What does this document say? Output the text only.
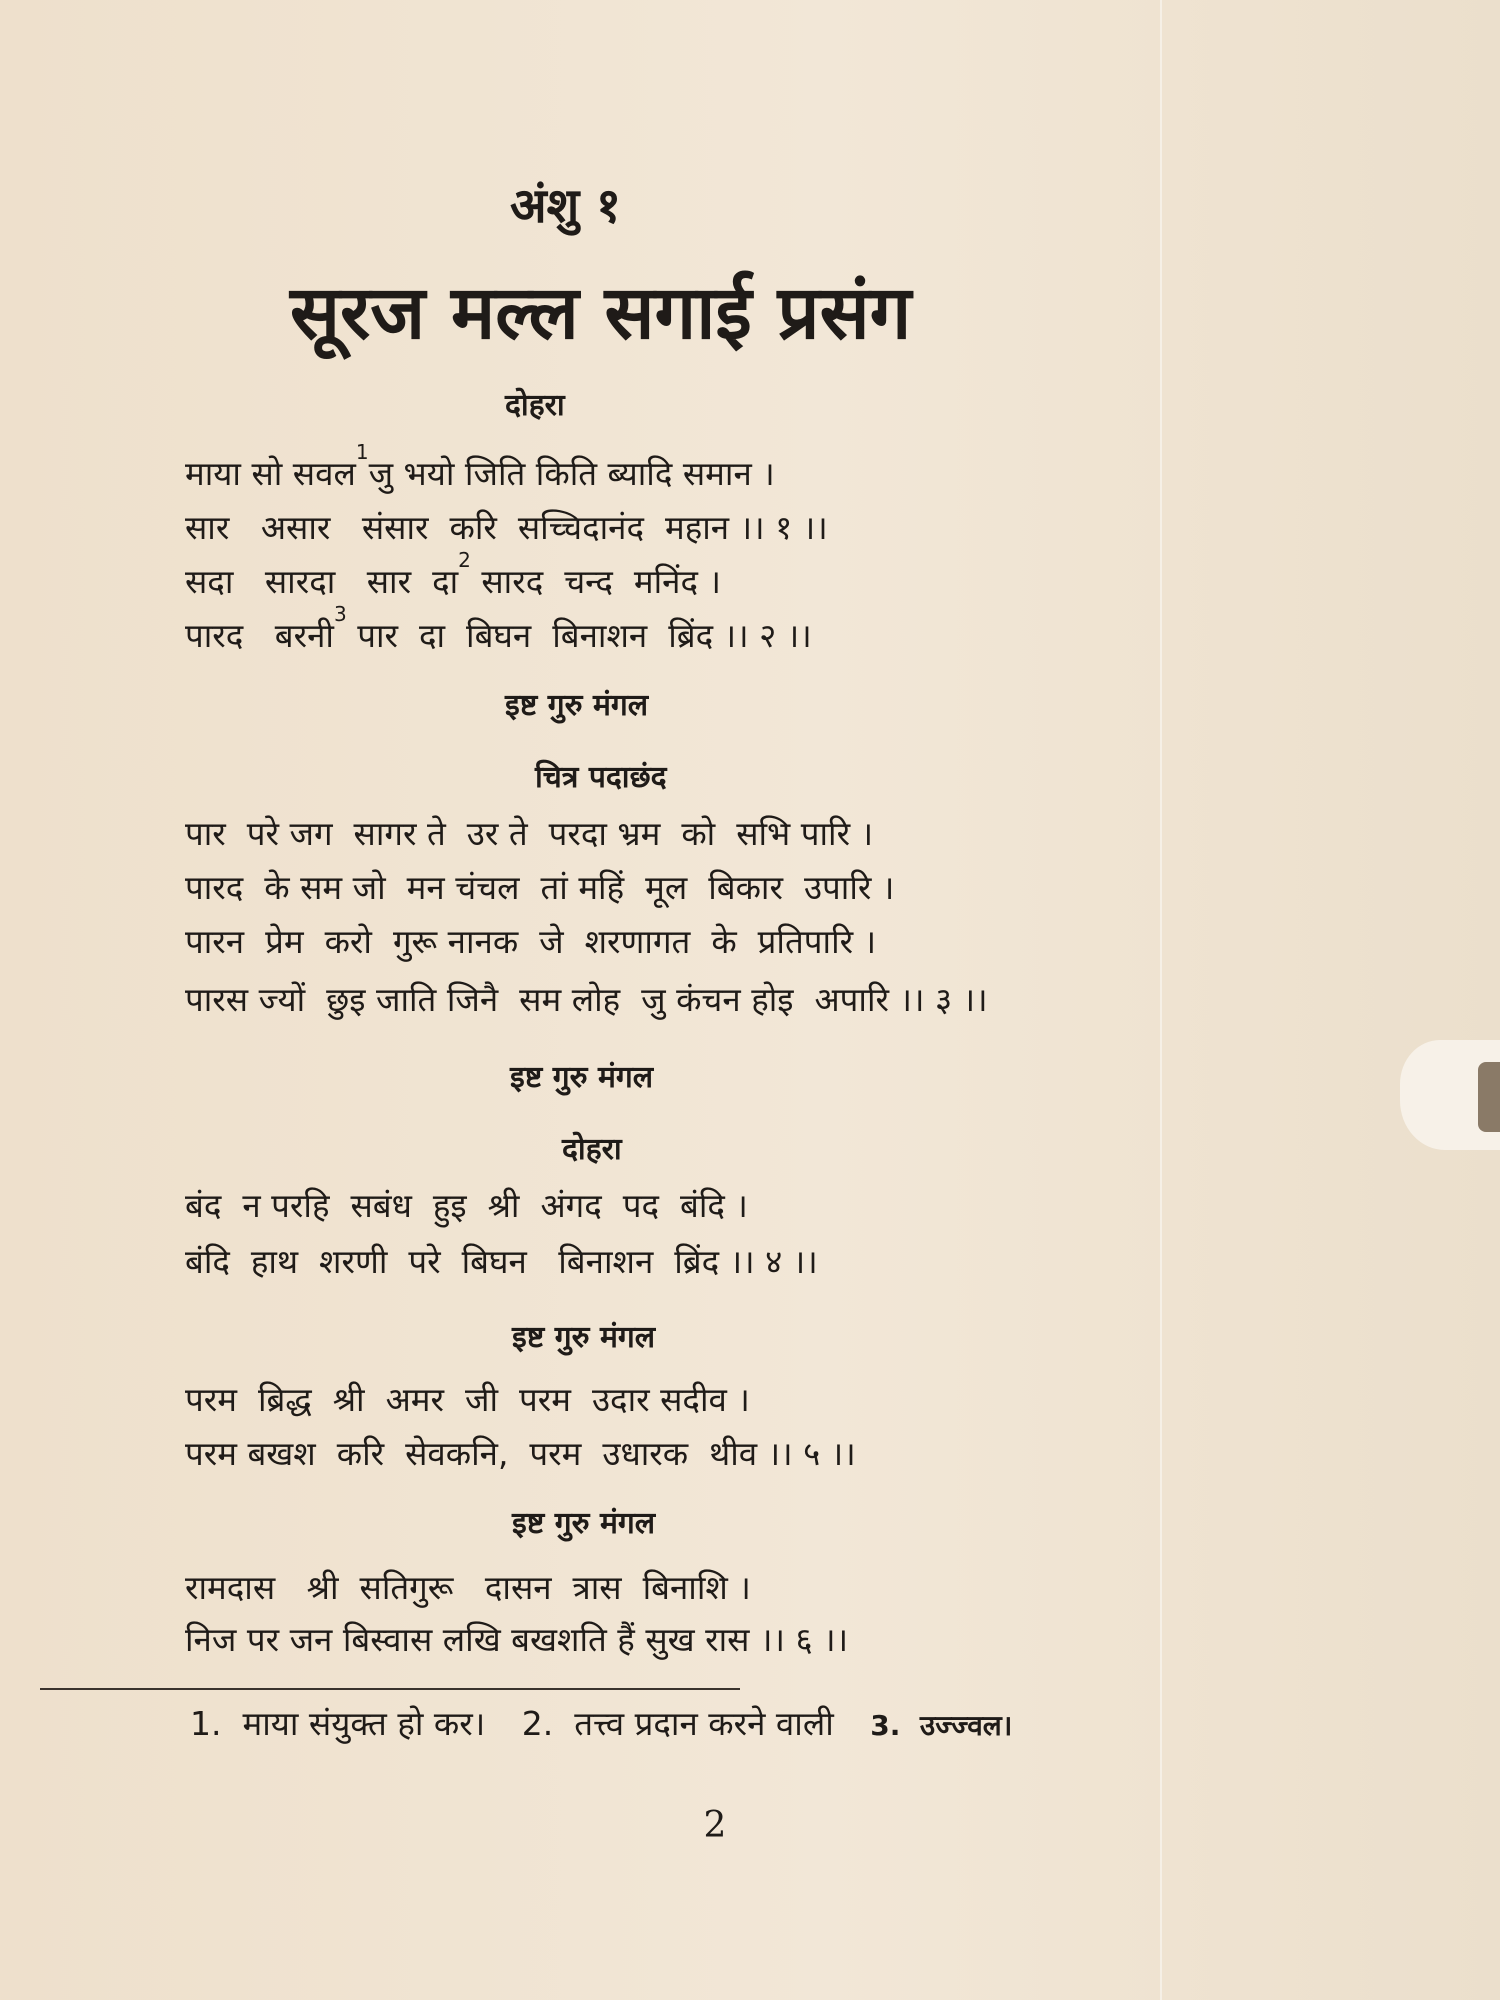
अंशु १
सूरज मल्ल सगाई प्रसंग
दोहरा
माया सो सवल
1
जु भयो जिति किति ब्यादि समान ।
सार   असार   संसार  करि  सच्चिदानंद  महान ।। १ ।।
सदा   सारदा   सार  दा
2
सारद  चन्द  मनिंद ।
पारद   बरनी
3
पार  दा  बिघन  बिनाशन  ब्रिंद ।। २ ।।
इष्ट गुरु मंगल
चित्र पदाछंद
पार  परे जग  सागर ते  उर ते  परदा भ्रम  को  सभि पारि ।
पारद  के सम जो  मन चंचल  तां महिं  मूल  बिकार  उपारि ।
पारन  प्रेम  करो  गुरू नानक  जे  शरणागत  के  प्रतिपारि ।
पारस ज्यों  छुइ जाति जिनै  सम लोह  जु कंचन होइ  अपारि ।। ३ ।।
इष्ट गुरु मंगल
दोहरा
बंद  न परहि  सबंध  हुइ  श्री  अंगद  पद  बंदि ।
बंदि  हाथ  शरणी  परे  बिघन   बिनाशन  ब्रिंद ।। ४ ।।
इष्ट गुरु मंगल
परम  ब्रिद्ध  श्री  अमर  जी  परम  उदार सदीव ।
परम बखश  करि  सेवकनि,  परम  उधारक  थीव ।। ५ ।।
इष्ट गुरु मंगल
रामदास   श्री  सतिगुरू   दासन  त्रास  बिनाशि ।
निज पर जन बिस्वास लखि बखशति हैं सुख रास ।। ६ ।।
1.  माया संयुक्त हो कर। 2.  तत्त्व प्रदान करने वाली 3.  उज्ज्वल।
2
